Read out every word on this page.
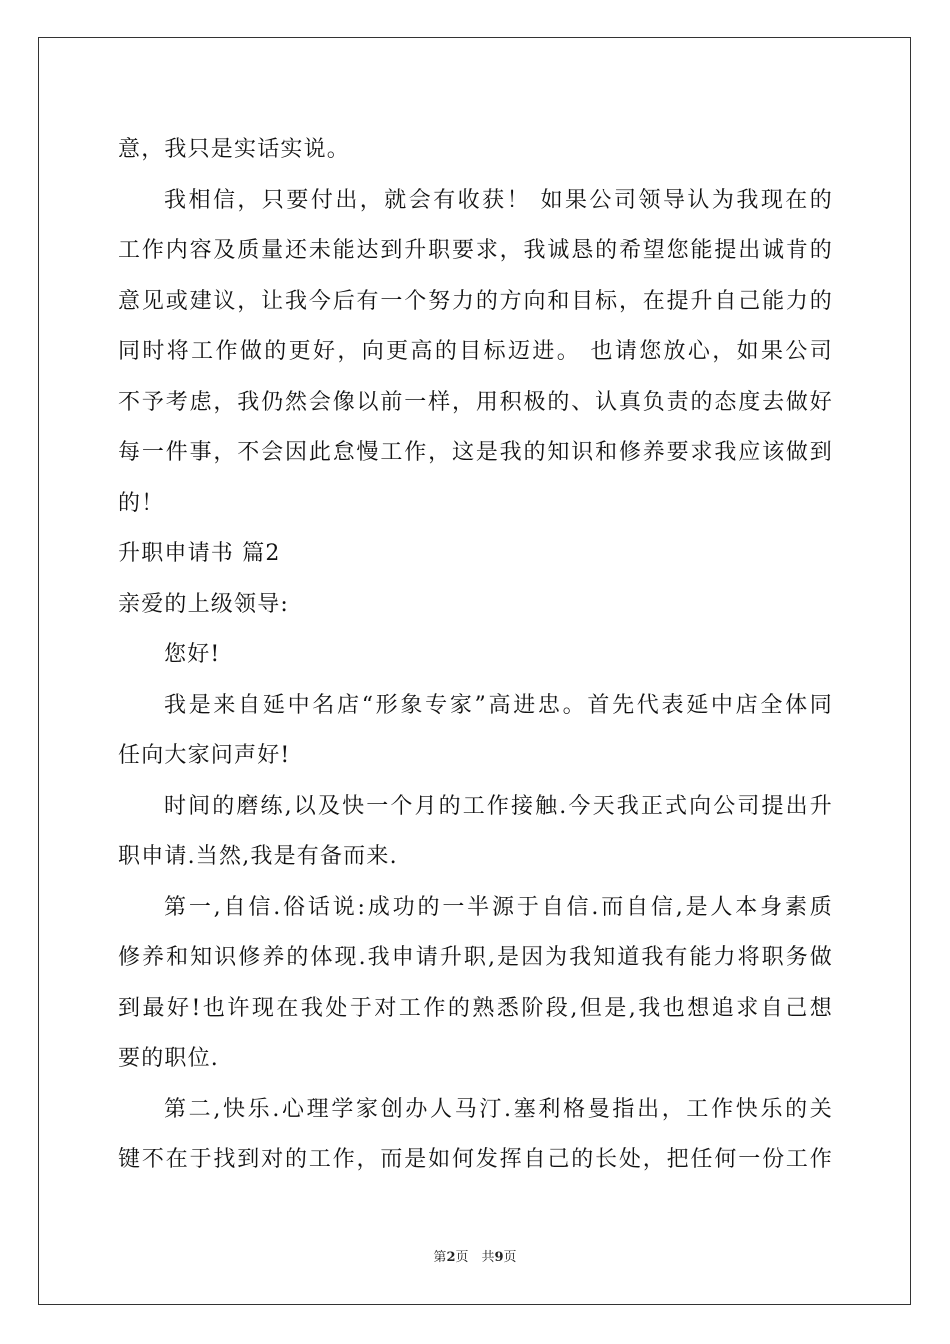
意，我只是实话实说。
我相信，只要付出，就会有收获！ 如果公司领导认为我现在的
工作内容及质量还未能达到升职要求，我诚恳的希望您能提出诚肯的
意见或建议，让我今后有一个努力的方向和目标，在提升自己能力的
同时将工作做的更好，向更高的目标迈进。 也请您放心，如果公司
不予考虑，我仍然会像以前一样，用积极的、认真负责的态度去做好
每一件事，不会因此怠慢工作，这是我的知识和修养要求我应该做到
的！
升职申请书 篇2
亲爱的上级领导:
您好!
我是来自延中名店“形象专家”高进忠。首先代表延中店全体同
任向大家问声好!
时间的磨练,以及快一个月的工作接触.今天我正式向公司提出升
职申请.当然,我是有备而来.
第一,自信.俗话说:成功的一半源于自信.而自信,是人本身素质
修养和知识修养的体现.我申请升职,是因为我知道我有能力将职务做
到最好!也许现在我处于对工作的熟悉阶段,但是,我也想追求自己想
要的职位.
第二,快乐.心理学家创办人马汀.塞利格曼指出，工作快乐的关
键不在于找到对的工作，而是如何发挥自己的长处，把任何一份工作
第2页　共9页
